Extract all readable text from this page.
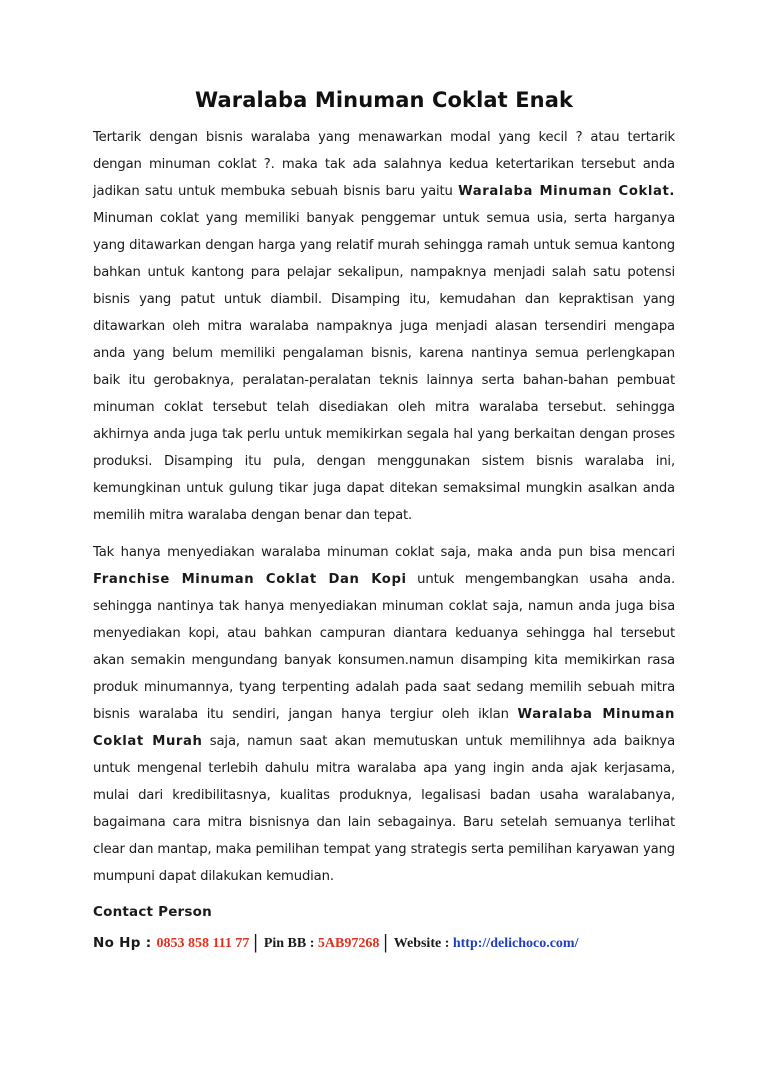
Waralaba Minuman Coklat Enak

Tertarik dengan bisnis waralaba yang menawarkan modal yang kecil ? atau tertarik dengan minuman coklat ?. maka tak ada salahnya kedua ketertarikan tersebut anda jadikan satu untuk membuka sebuah bisnis baru yaitu Waralaba Minuman Coklat. Minuman coklat yang memiliki banyak penggemar untuk semua usia, serta harganya yang ditawarkan dengan harga yang relatif murah sehingga ramah untuk semua kantong bahkan untuk kantong para pelajar sekalipun, nampaknya menjadi salah satu potensi bisnis yang patut untuk diambil. Disamping itu, kemudahan dan kepraktisan yang ditawarkan oleh mitra waralaba nampaknya juga menjadi alasan tersendiri mengapa anda yang belum memiliki pengalaman bisnis, karena nantinya semua perlengkapan baik itu gerobaknya, peralatan-peralatan teknis lainnya serta bahan-bahan pembuat minuman coklat tersebut telah disediakan oleh mitra waralaba tersebut. sehingga akhirnya anda juga tak perlu untuk memikirkan segala hal yang berkaitan dengan proses produksi. Disamping itu pula, dengan menggunakan sistem bisnis waralaba ini, kemungkinan untuk gulung tikar juga dapat ditekan semaksimal mungkin asalkan anda memilih mitra waralaba dengan benar dan tepat.

Tak hanya menyediakan waralaba minuman coklat saja, maka anda pun bisa mencari Franchise Minuman Coklat Dan Kopi untuk mengembangkan usaha anda. sehingga nantinya tak hanya menyediakan minuman coklat saja, namun anda juga bisa menyediakan kopi, atau bahkan campuran diantara keduanya sehingga hal tersebut akan semakin mengundang banyak konsumen.namun disamping kita memikirkan rasa produk minumannya, tyang terpenting adalah pada saat sedang memilih sebuah mitra bisnis waralaba itu sendiri, jangan hanya tergiur oleh iklan Waralaba Minuman Coklat Murah saja, namun saat akan memutuskan untuk memilihnya ada baiknya untuk mengenal terlebih dahulu mitra waralaba apa yang ingin anda ajak kerjasama, mulai dari kredibilitasnya, kualitas produknya, legalisasi badan usaha waralabanya, bagaimana cara mitra bisnisnya dan lain sebagainya. Baru setelah semuanya terlihat clear dan mantap, maka pemilihan tempat yang strategis serta pemilihan karyawan yang mumpuni dapat dilakukan kemudian.

Contact Person
No Hp : 0853 858 111 77 | Pin BB : 5AB97268 | Website : http://delichoco.com/
